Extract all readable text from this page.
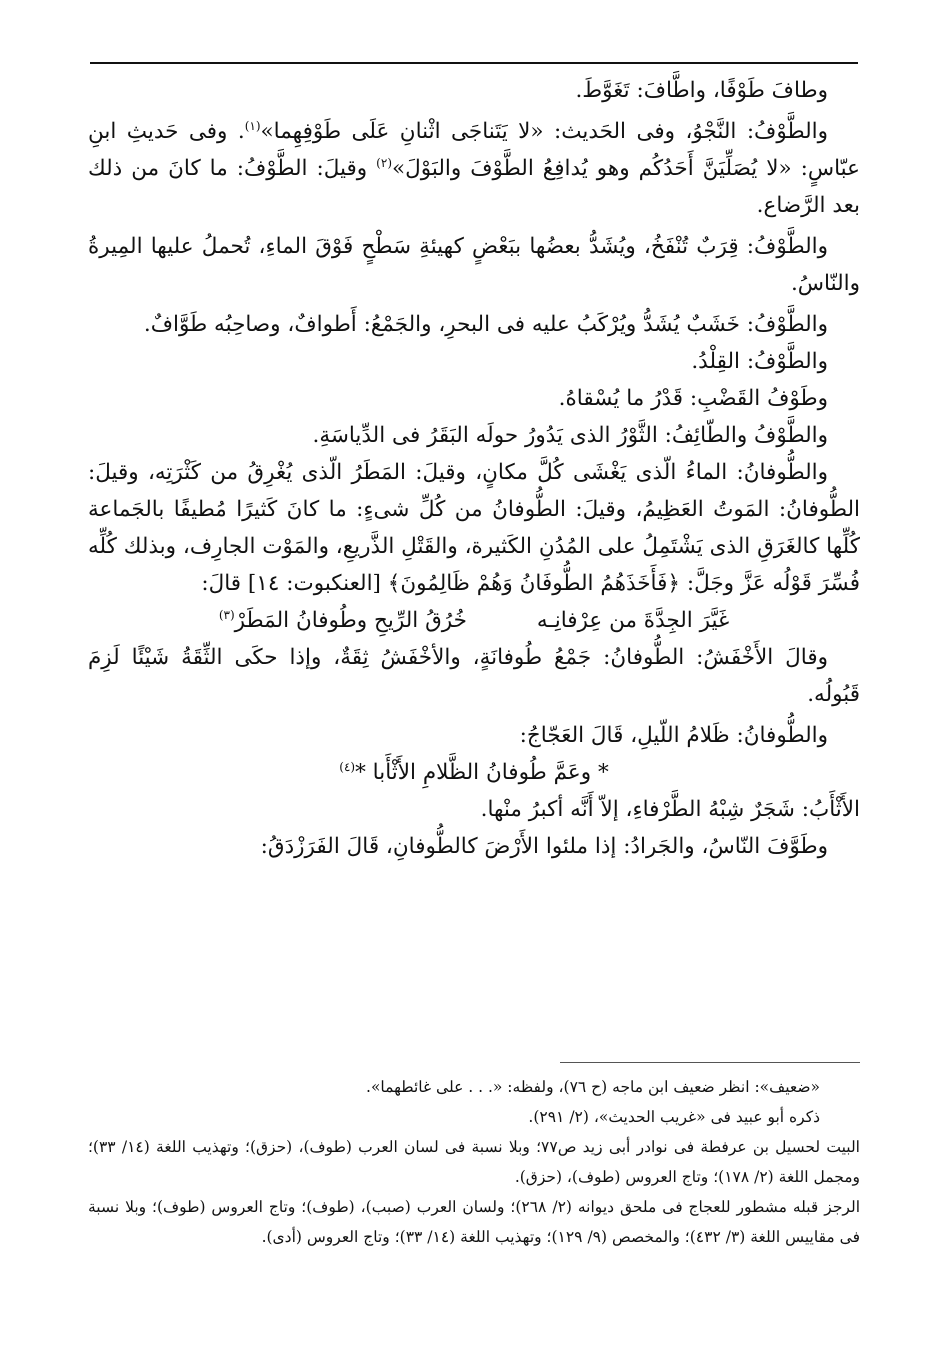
وطافَ طَوْفًا، واطَّافَ: تَغَوَّطَ.

والطَّوْفُ: النَّجْوُ، وفى الحَديث: «لا يَتَناجَى اثْنانِ عَلَى طَوْفِهِما»$^{(١)}$. وفى حَديثِ ابنِ عبّاسٍ: «لا يُصَلِّيَنَّ أَحَدُكُم وهو يُدافِعُ الطَّوْفَ والبَوْلَ»$^{(٢)}$ وقيلَ: الطَّوْفُ: ما كانَ من ذلك بعد الرَّضاع.

والطَّوْفُ: قِرَبٌ تُنْفَخُ، ويُشَدُّ بعضُها ببَعْضٍ كهيئةِ سَطْحٍ فَوْقَ الماءِ، تُحملُ عليها المِيرةُ والنّاسُ.

والطَّوْفُ: خَشَبٌ يُشَدُّ ويُرْكَبُ عليه فى البحرِ، والجَمْعُ: أَطوافٌ، وصاحِبُه طَوَّافٌ.

والطَّوْفُ: القِلْدُ.

وطَوْفُ القَضْبِ: قَدْرُ ما يُسْقاهُ.

والطَّوْفُ والطّائِفُ: الثَّوْرُ الذى يَدُورُ حولَه البَقَرُ فى الدِّياسَةِ.

والطُّوفانُ: الماءُ الّذى يَغْشَى كُلَّ مكانٍ، وقيلَ: المَطَرُ الّذى يُغْرِقُ من كَثْرَتِه، وقيلَ: الطُّوفانُ: المَوتُ العَظِيمُ، وقيلَ: الطُّوفانُ من كُلِّ شىءٍ: ما كانَ كَثيرًا مُطيفًا بالجَماعة كُلِّها كالغَرَقِ الذى يَشْتَمِلُ على المُدُنِ الكَثيرة، والقَتْلِ الذَّريعِ، والمَوْت الجارِف، وبذلك كُلِّه فُسِّرَ قَوْلُه عَزَّ وجَلَّ: ﴿فَأَخَذَهُمُ الطُّوفَانُ وَهُمْ ظَالِمُونَ﴾ [العنكبوت: ١٤] قالَ:

غَيَّرَ الجِدَّةَ من عِرْفانِـه
خُرُقُ الرِّيحِ وطُوفانُ المَطَرْ$^{(٣)}$

وقالَ الأَخْفَشُ: الطُّوفانُ: جَمْعُ طُوفانَةٍ، والأخْفَشُ ثِقَةٌ، وإذا حكَى الثِّقَةُ شَيْئًا لَزِمَ قَبُولُه.

والطُّوفانُ: ظَلامُ اللّيلِ، قَالَ العَجّاجُ:

* وعَمَّ طُوفانُ الظَّلامِ الأَثْأَبا *$^{(٤)}$

الأَثْأَبُ: شَجَرٌ شِبْهُ الطَّرْفاءِ، إلاّ أَنَّه أكبرُ منْها.

وطَوَّفَ النّاسُ، والجَرادُ: إذا ملئوا الأَرْضَ كالطُّوفانِ، قَالَ الفَرَزْدَقُ:

«ضعيف»: انظر ضعيف ابن ماجه (ح ٧٦)، ولفظه: «. . . على غائطهما».

ذكره أبو عبيد فى «غريب الحديث»، (٢/ ٢٩١).

البيت لحسيل بن عرفطة فى نوادر أبى زيد ص٧٧؛ وبلا نسبة فى لسان العرب (طوف)، (حزق)؛ وتهذيب اللغة (١٤/ ٣٣)؛ ومجمل اللغة (٢/ ١٧٨)؛ وتاج العروس (طوف)، (حزق).

الرجز قبله مشطور للعجاج فى ملحق ديوانه (٢/ ٢٦٨)؛ ولسان العرب (صبب)، (طوف)؛ وتاج العروس (طوف)؛ وبلا نسبة فى مقاييس اللغة (٣/ ٤٣٢)؛ والمخصص (٩/ ١٢٩)؛ وتهذيب اللغة (١٤/ ٣٣)؛ وتاج العروس (أدى).
